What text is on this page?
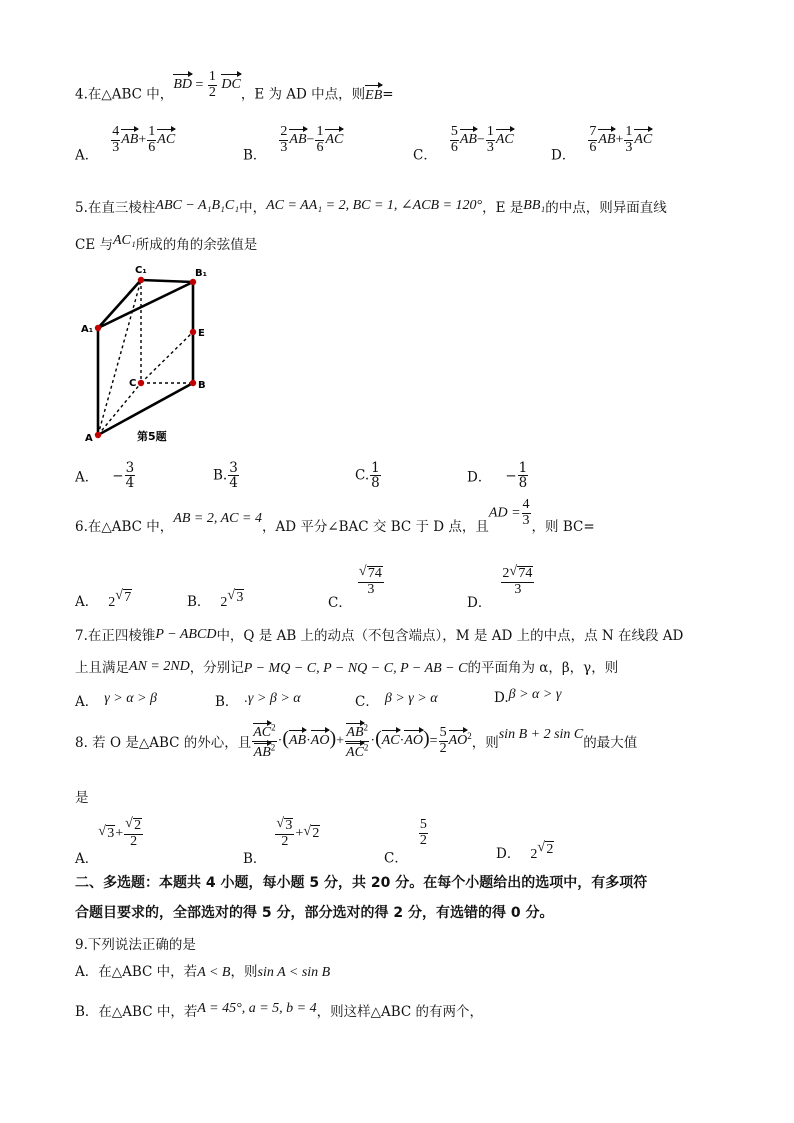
4.在△ABC 中，BD = $\frac{1}{2}$ DC，E 为 AD 中点，则EB=
A． $\frac{4}{3} AB+ \frac{1}{6}$ AC
B． $\frac{2}{3} AB- \frac{1}{6}$ AC
C． $\frac{5}{6} AB- \frac{1}{3}$ AC
D． $\frac{7}{6} AB+ \frac{1}{3}$ AC
5.在直三棱柱ABC − A₁B₁C₁中，AC = AA₁ = 2, BC = 1, ∠ACB = 120°，E 是BB₁的中点，则异面直线
CE 与AC₁所成的角的余弦值是
C₁	B₁
A₁	E
C	B
A	第5题
A． − $\frac{3}{4}$	B. $\frac{3}{4}$	C. $\frac{1}{8}$	D． − $\frac{1}{8}$
6.在△ABC 中，AB = 2, AC = 4，AD 平分∠BAC 交 BC 于 D 点，且AD = $\frac{4}{3}$ ，则 BC=
A． 2 √ 7	B． 2 √ 3	C．
√ $\frac{74}{3}$
D．
$\frac{2 √ 74}{3}$
7.在正四棱锥P − ABCD中，Q 是 AB 上的动点（不包含端点），M 是 AD 上的中点，点 N 在线段 AD
上且满足AN = 2ND，分别记P − MQ − C, P − NQ − C, P − AB − C的平面角为 α，β，γ，则
A． γ > α > β	B． .γ > β > α	C． β > γ > α	D.β > α > γ
8. 若 O 是△ABC 的外心，且 $\frac{AC^2}{AB^2} \cdot(AB\cdot AO)+ \frac{AB^2}{AC^2} \cdot(AC\cdot AO)= \frac{5}{2} AO^2$，则sin B + 2 sin C的最大值
是
A．√ 3+ √ $\frac{2}{2}$
B．
√ $\frac{3}{2}$ + √ 2
C．
$\frac{5}{2}$
D． 2 √ 2
二、多选题：本题共 4 小题，每小题 5 分，共 20 分。在每个小题给出的选项中，有多项符
合题目要求的，全部选对的得 5 分，部分选对的得 2 分，有选错的得 0 分。
9.下列说法正确的是
A．在△ABC 中，若A < B，则sin A < sin B
B．在△ABC 中，若A = 45°, a = 5, b = 4，则这样△ABC 的有两个，
